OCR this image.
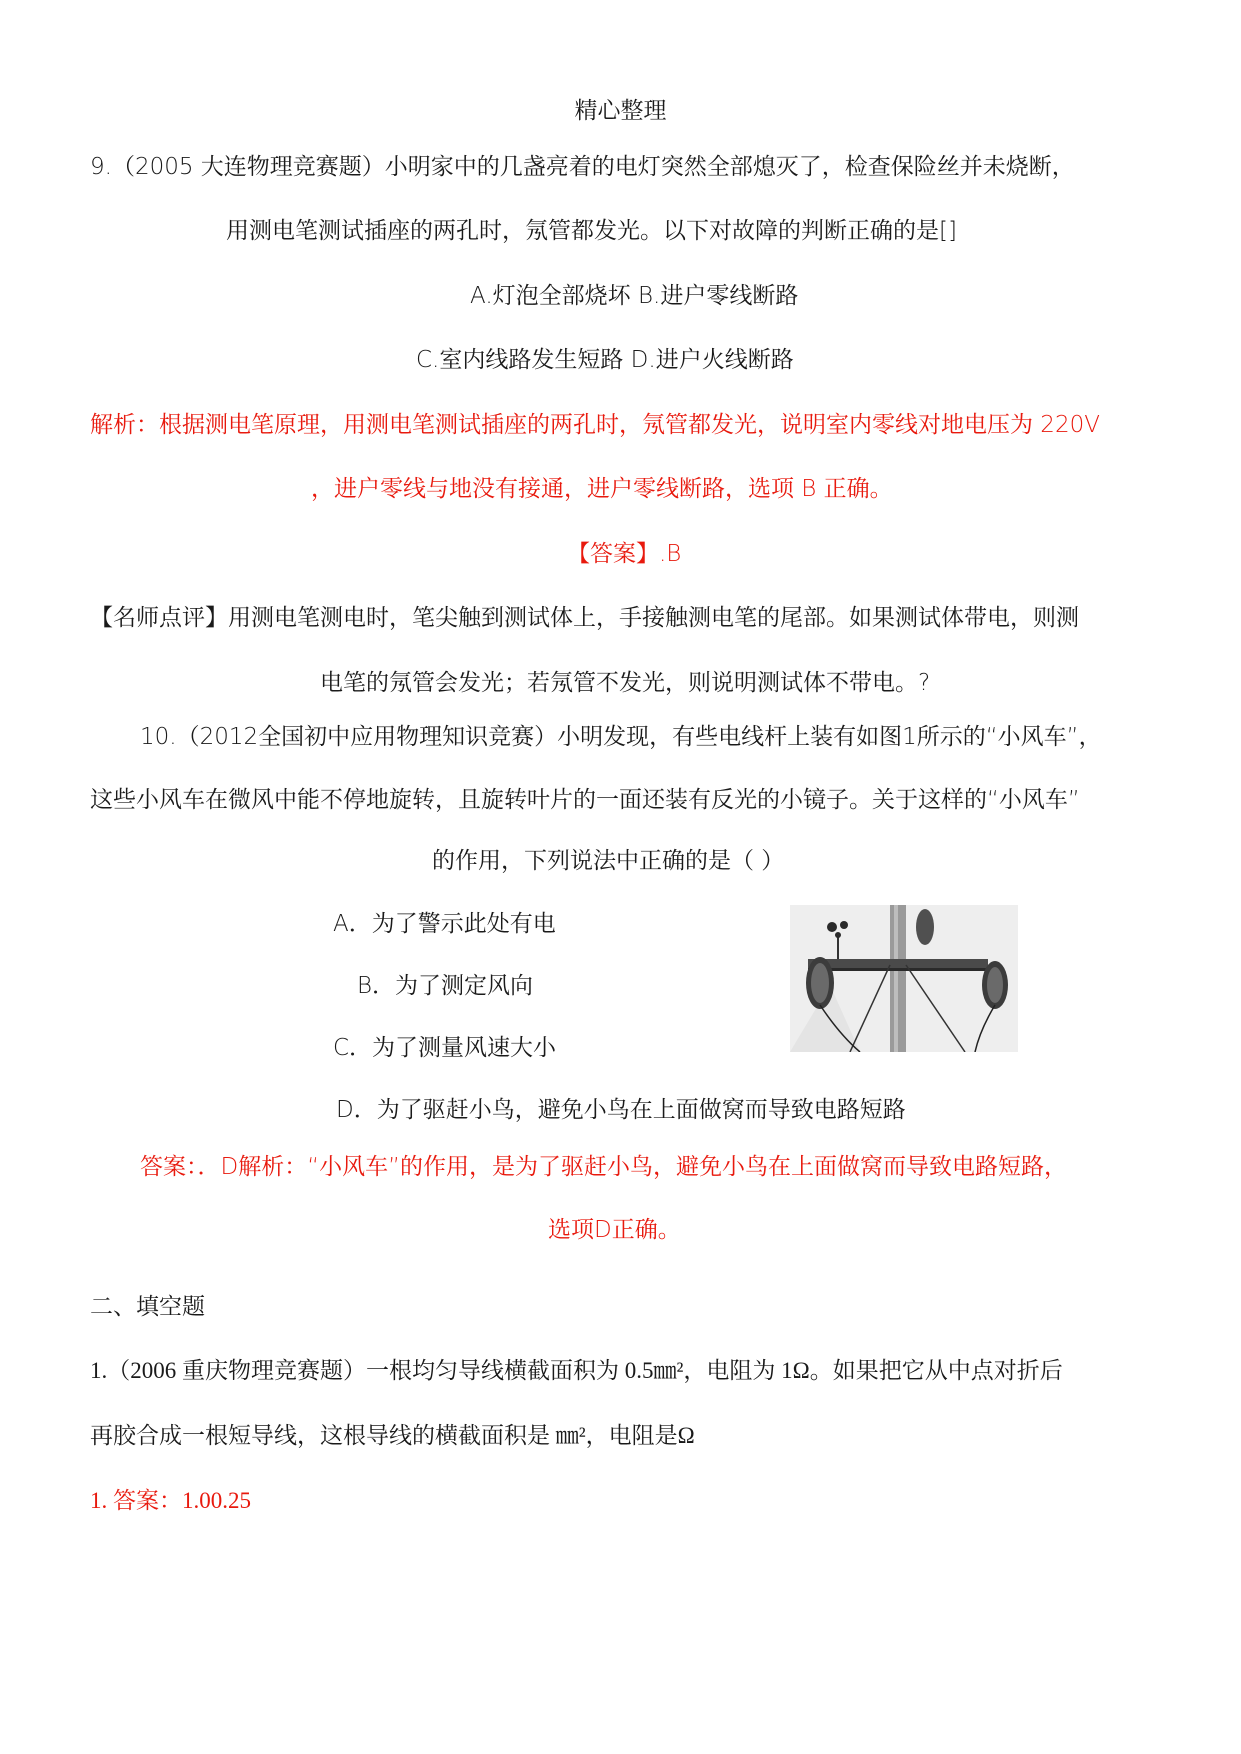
精心整理
9.（2005 大连物理竞赛题）小明家中的几盏亮着的电灯突然全部熄灭了，检查保险丝并未烧断，
用测电笔测试插座的两孔时，氖管都发光。以下对故障的判断正确的是[]
A.灯泡全部烧坏 B.进户零线断路
C.室内线路发生短路 D.进户火线断路
解析：根据测电笔原理，用测电笔测试插座的两孔时，氖管都发光，说明室内零线对地电压为 220V
，进户零线与地没有接通，进户零线断路，选项 B 正确。
【答案】.B
【名师点评】用测电笔测电时，笔尖触到测试体上，手接触测电笔的尾部。如果测试体带电，则测
电笔的氖管会发光；若氖管不发光，则说明测试体不带电。?
10.（2012全国初中应用物理知识竞赛）小明发现，有些电线杆上装有如图1所示的“小风车”，
这些小风车在微风中能不停地旋转，且旋转叶片的一面还装有反光的小镜子。关于这样的“小风车”
的作用，下列说法中正确的是（ ）
A．为了警示此处有电
B．为了测定风向
C．为了测量风速大小
D．为了驱赶小鸟，避免小鸟在上面做窝而导致电路短路
答案：．D解析：“小风车”的作用，是为了驱赶小鸟，避免小鸟在上面做窝而导致电路短路，
选项D正确。
二、填空题
1.（2006 重庆物理竞赛题）一根均匀导线横截面积为 0.5㎜²，电阻为 1Ω。如果把它从中点对折后
再胶合成一根短导线，这根导线的横截面积是 ㎜²，电阻是Ω
1. 答案：1.00.25
